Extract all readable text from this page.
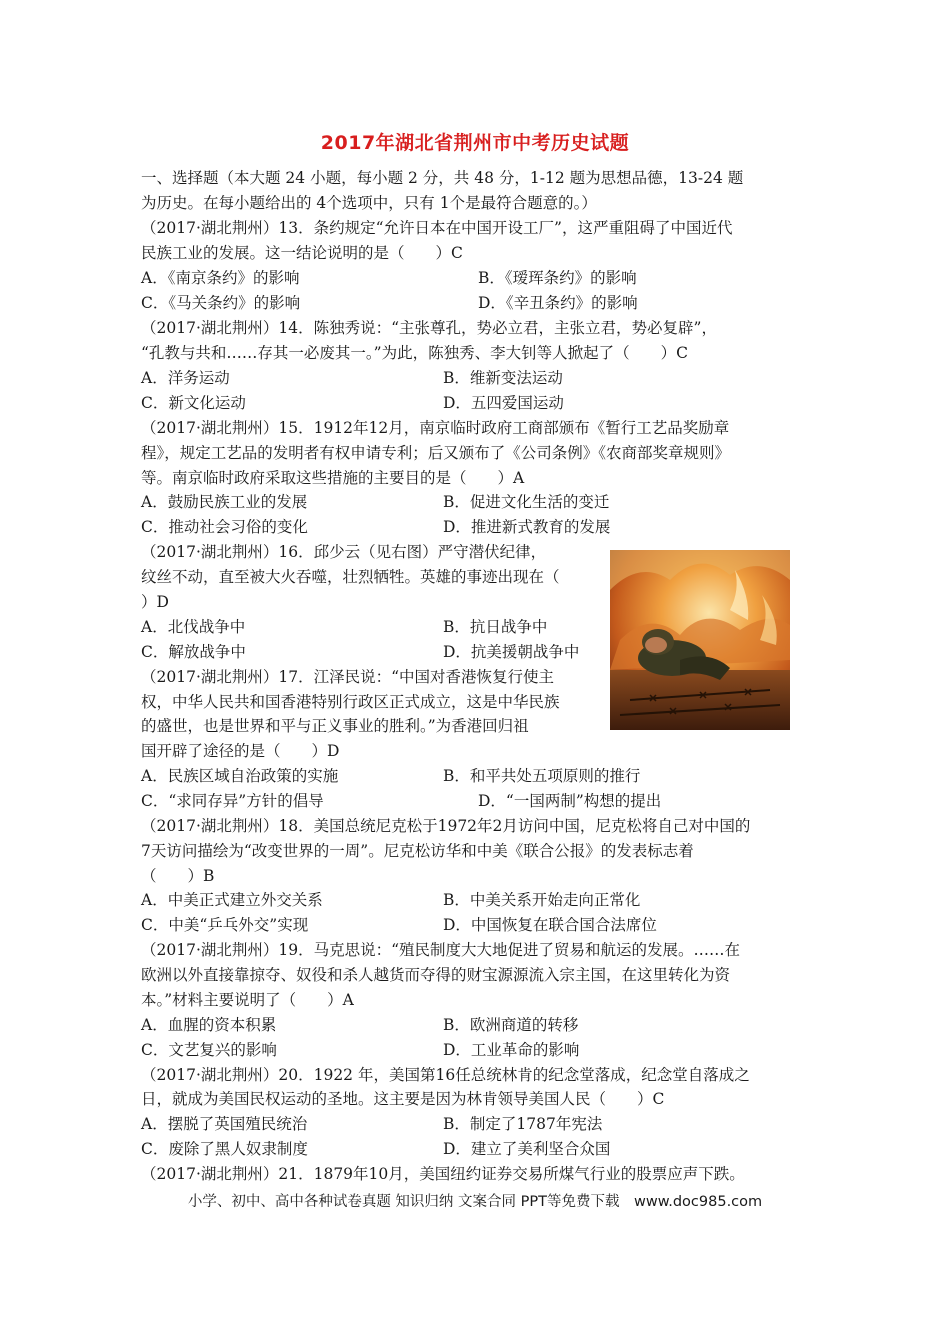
2017年湖北省荆州市中考历史试题
一、选择题（本大题 24 小题，每小题 2 分，共 48 分，1-12 题为思想品德，13-24 题
为历史。在每小题给出的 4个选项中，只有 1个是最符合题意的。）
（2017·湖北荆州）13．条约规定“允许日本在中国开设工厂”，这严重阻碍了中国近代
民族工业的发展。这一结论说明的是（　　）C
A．《南京条约》的影响	B．《瑷珲条约》的影响
C．《马关条约》的影响	D．《辛丑条约》的影响
（2017·湖北荆州）14．陈独秀说：“主张尊孔，势必立君，主张立君，势必复辟”，
“孔教与共和……存其一必废其一。”为此，陈独秀、李大钊等人掀起了（　　）C
A．洋务运动	B．维新变法运动
C．新文化运动	D．五四爱国运动
（2017·湖北荆州）15．1912年12月，南京临时政府工商部颁布《暂行工艺品奖励章
程》，规定工艺品的发明者有权申请专利；后又颁布了《公司条例》《农商部奖章规则》
等。南京临时政府采取这些措施的主要目的是（　　）A
A．鼓励民族工业的发展	B．促进文化生活的变迁
C．推动社会习俗的变化	D．推进新式教育的发展
（2017·湖北荆州）16．邱少云（见右图）严守潜伏纪律，
纹丝不动，直至被大火吞噬，壮烈牺牲。英雄的事迹出现在（
）D
A．北伐战争中	B．抗日战争中
C．解放战争中	D．抗美援朝战争中
（2017·湖北荆州）17．江泽民说：“中国对香港恢复行使主
权，中华人民共和国香港特别行政区正式成立，这是中华民族
的盛世，也是世界和平与正义事业的胜利。”为香港回归祖
国开辟了途径的是（　　）D
A．民族区域自治政策的实施	B．和平共处五项原则的推行
C．“求同存异”方针的倡导	D．“一国两制”构想的提出
（2017·湖北荆州）18．美国总统尼克松于1972年2月访问中国，尼克松将自己对中国的
7天访问描绘为“改变世界的一周”。尼克松访华和中美《联合公报》的发表标志着
（　　）B
A．中美正式建立外交关系	B．中美关系开始走向正常化
C．中美“乒乓外交”实现	D．中国恢复在联合国合法席位
（2017·湖北荆州）19．马克思说：“殖民制度大大地促进了贸易和航运的发展。……在
欧洲以外直接靠掠夺、奴役和杀人越货而夺得的财宝源源流入宗主国，在这里转化为资
本。”材料主要说明了（　　）A
A．血腥的资本积累	B．欧洲商道的转移
C．文艺复兴的影响	D．工业革命的影响
（2017·湖北荆州）20．1922 年，美国第16任总统林肯的纪念堂落成，纪念堂自落成之
日，就成为美国民权运动的圣地。这主要是因为林肯领导美国人民（　　）C
A．摆脱了英国殖民统治	B．制定了1787年宪法
C．废除了黑人奴隶制度	D．建立了美利坚合众国
（2017·湖北荆州）21．1879年10月，美国纽约证券交易所煤气行业的股票应声下跌。
小学、初中、高中各种试卷真题 知识归纳 文案合同 PPT等免费下载　www.doc985.com
